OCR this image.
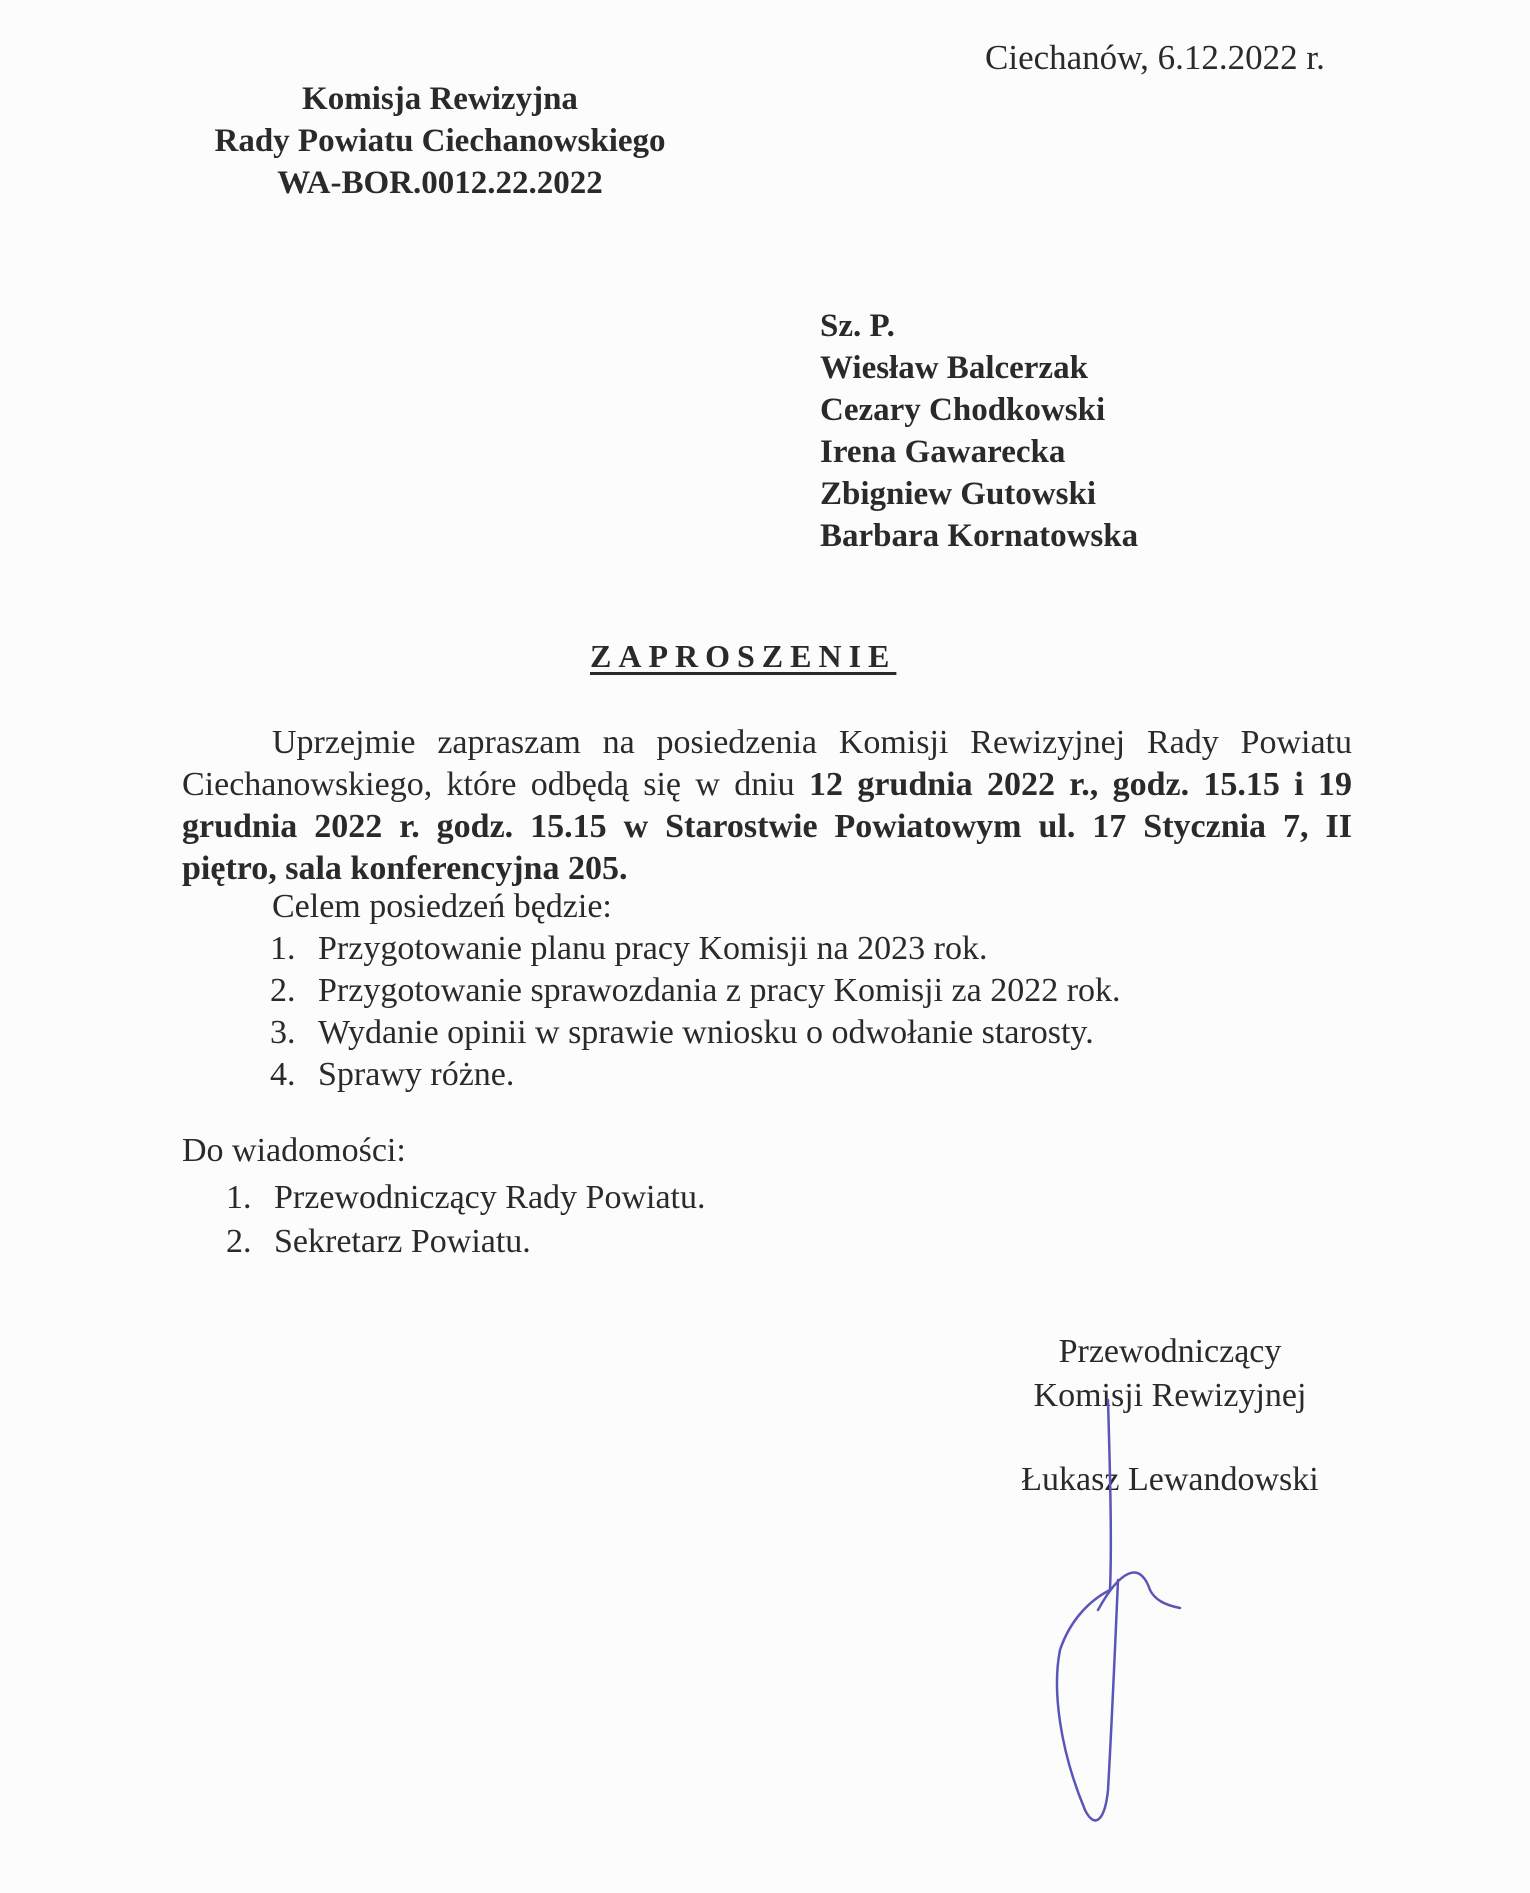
Ciechanów, 6.12.2022 r.
Komisja Rewizyjna
Rady Powiatu Ciechanowskiego
WA-BOR.0012.22.2022
Sz. P.
Wiesław Balcerzak
Cezary Chodkowski
Irena Gawarecka
Zbigniew Gutowski
Barbara Kornatowska
ZAPROSZENIE
Uprzejmie zapraszam na posiedzenia Komisji Rewizyjnej Rady Powiatu Ciechanowskiego, które odbędą się w dniu 12 grudnia 2022 r., godz. 15.15 i 19 grudnia 2022 r. godz. 15.15 w Starostwie Powiatowym ul. 17 Stycznia 7, II piętro, sala konferencyjna 205.
Celem posiedzeń będzie:
1. Przygotowanie planu pracy Komisji na 2023 rok.
2. Przygotowanie sprawozdania z pracy Komisji za 2022 rok.
3. Wydanie opinii w sprawie wniosku o odwołanie starosty.
4. Sprawy różne.
Do wiadomości:
1. Przewodniczący Rady Powiatu.
2. Sekretarz Powiatu.
Przewodniczący
Komisji Rewizyjnej
Łukasz Lewandowski
